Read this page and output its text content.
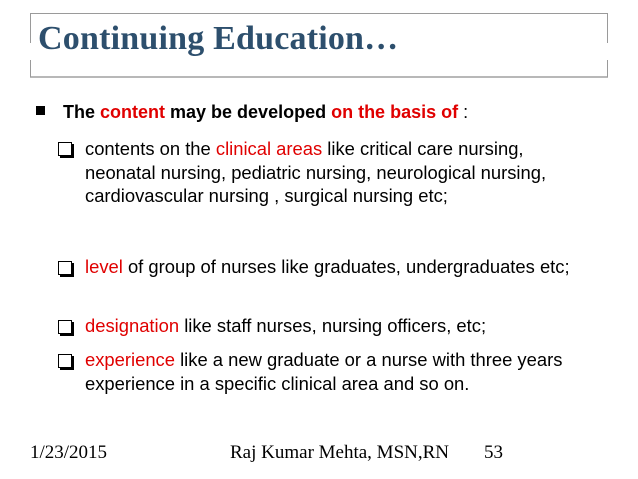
Continuing Education…
The content may be developed on the basis of :
contents on the clinical areas like critical care nursing, neonatal nursing, pediatric nursing, neurological nursing, cardiovascular nursing , surgical nursing etc;
level of group of nurses like graduates, undergraduates etc;
designation like staff nurses, nursing officers, etc;
experience like a new graduate or a nurse with three years experience in a specific clinical area and so on.
1/23/2015	Raj Kumar Mehta, MSN,RN 53
